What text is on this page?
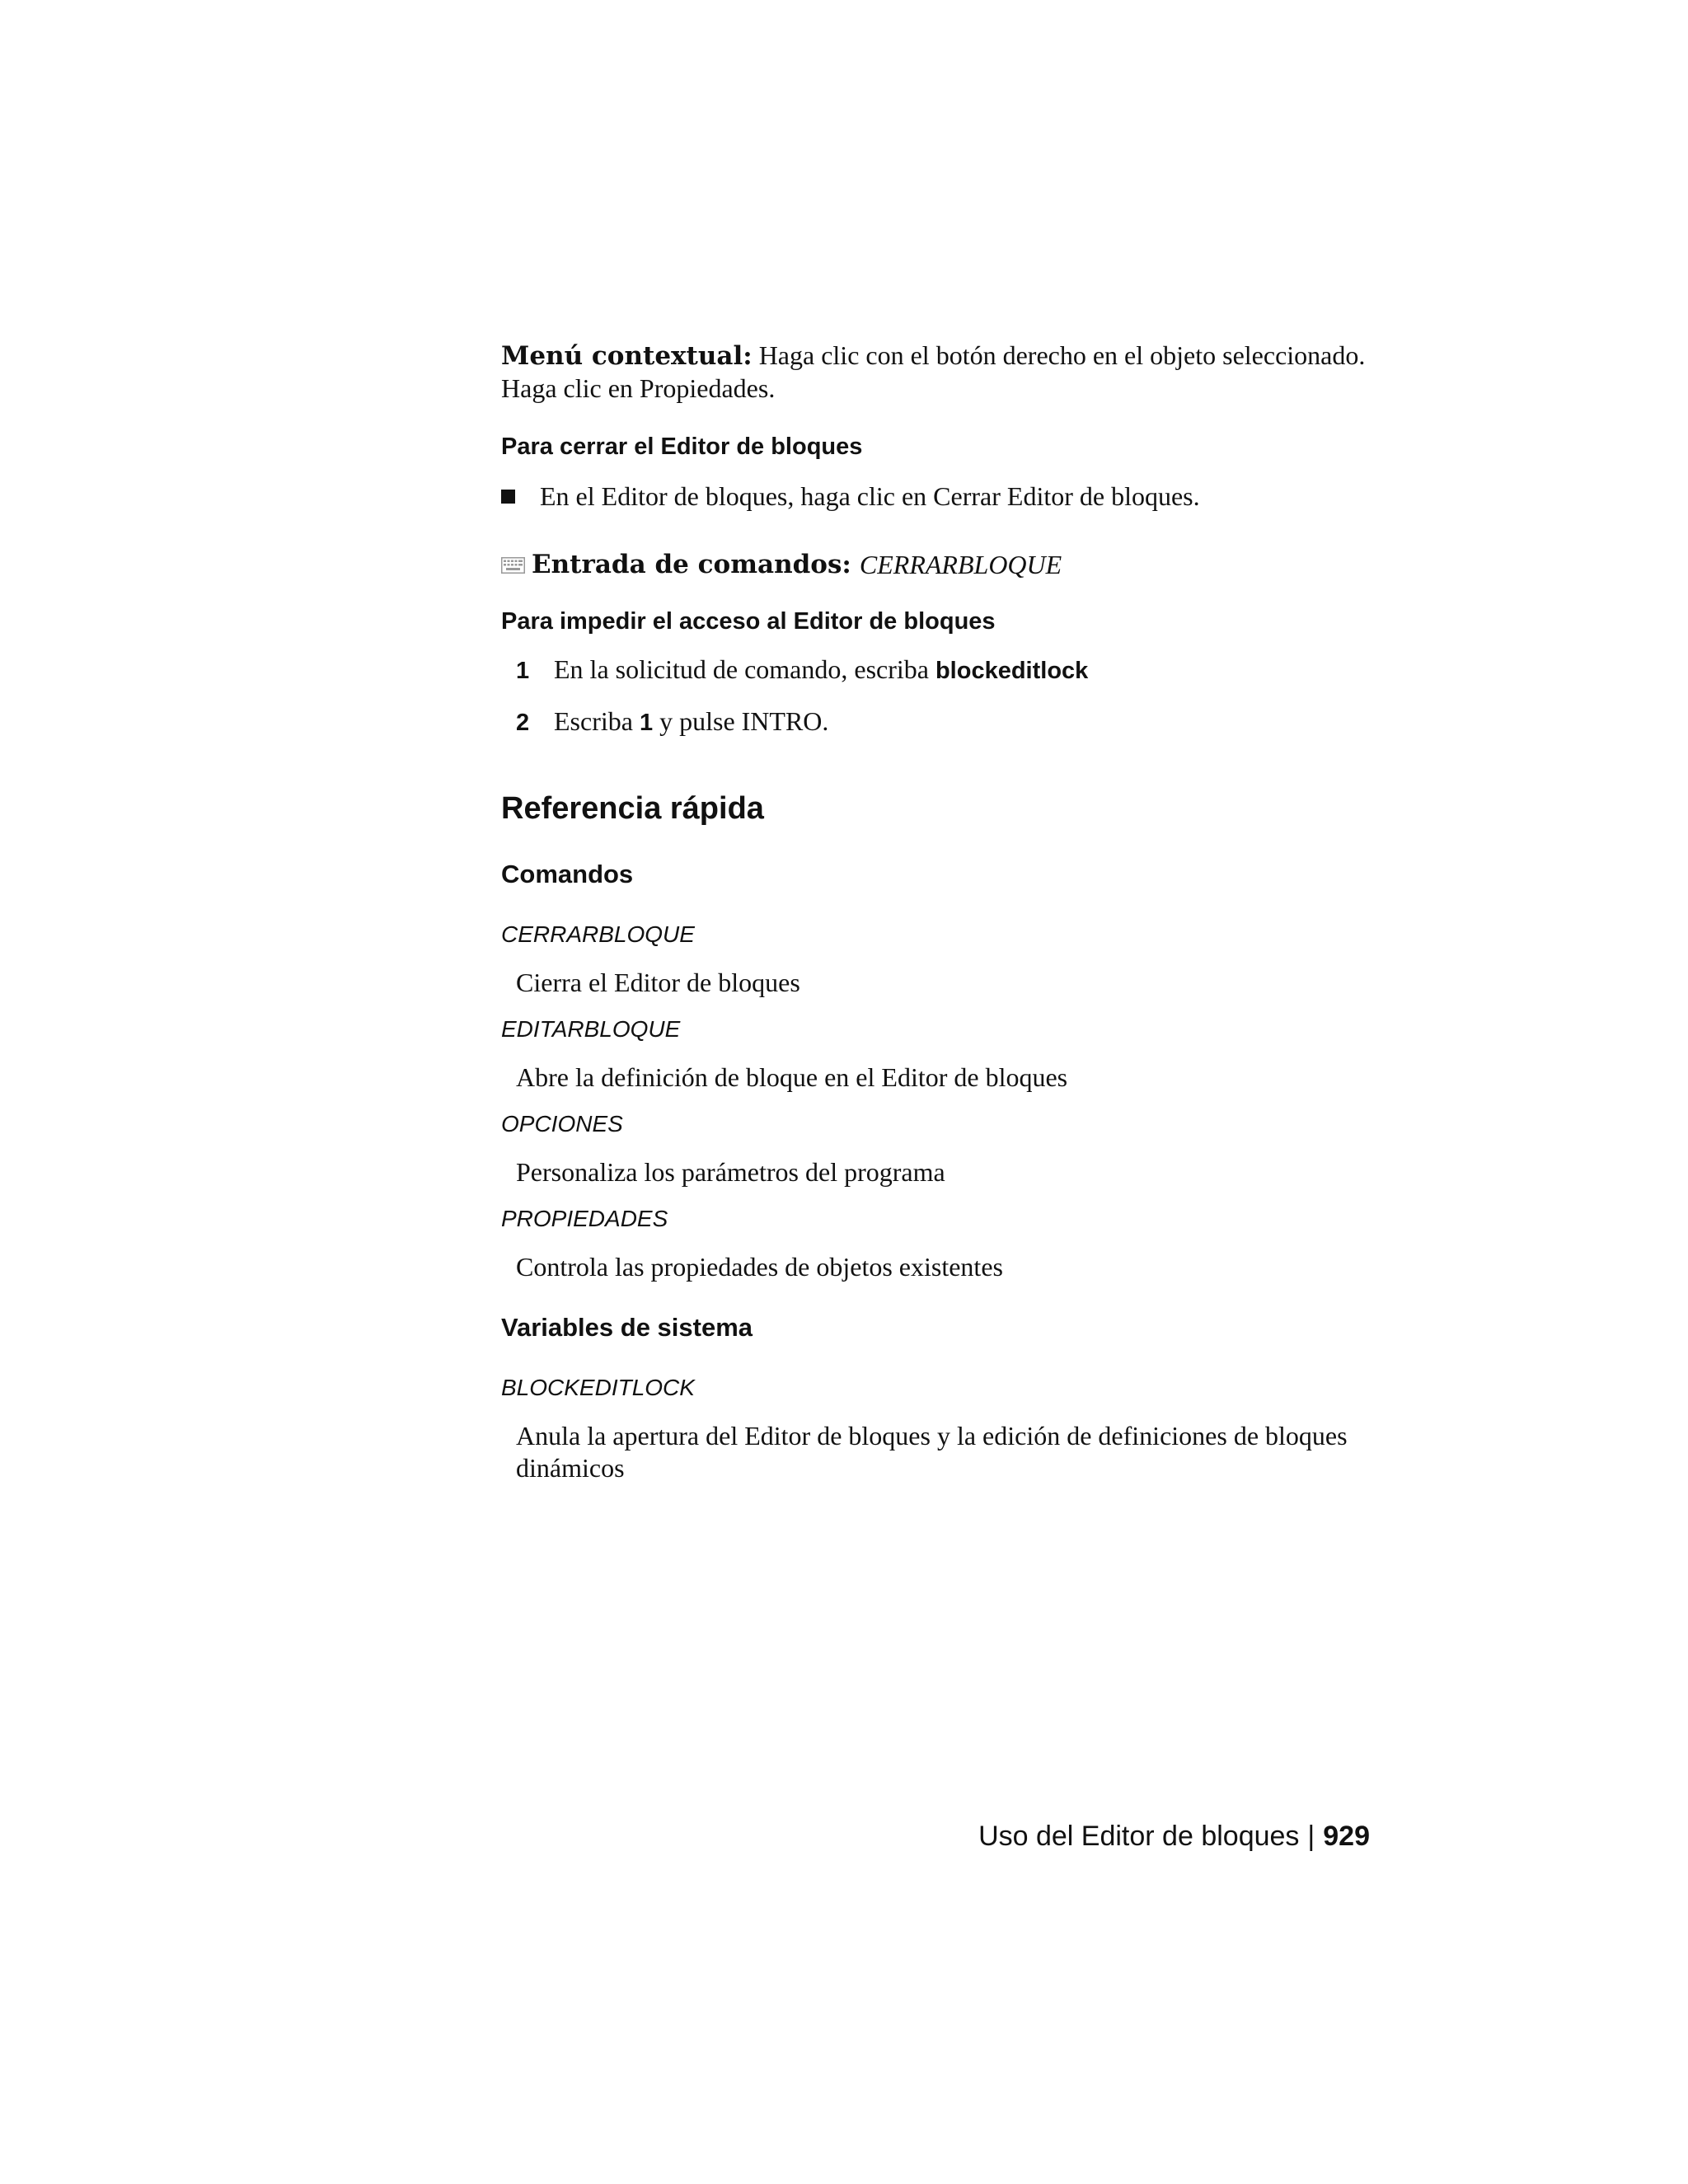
Menú contextual: Haga clic con el botón derecho en el objeto seleccionado.
Haga clic en Propiedades.

Para cerrar el Editor de bloques
En el Editor de bloques, haga clic en Cerrar Editor de bloques.
Entrada de comandos: CERRARBLOQUE
Para impedir el acceso al Editor de bloques
1 En la solicitud de comando, escriba blockeditlock
2 Escriba 1 y pulse INTRO.
Referencia rápida
Comandos

CERRARBLOQUE

Cierra el Editor de bloques

EDITARBLOQUE

Abre la definición de bloque en el Editor de bloques

OPCIONES

Personaliza los parámetros del programa

PROPIEDADES

Controla las propiedades de objetos existentes

Variables de sistema

BLOCKEDITLOCK

Anula la apertura del Editor de bloques y la edición de definiciones de bloques
dinámicos

Uso del Editor de bloques | 929
